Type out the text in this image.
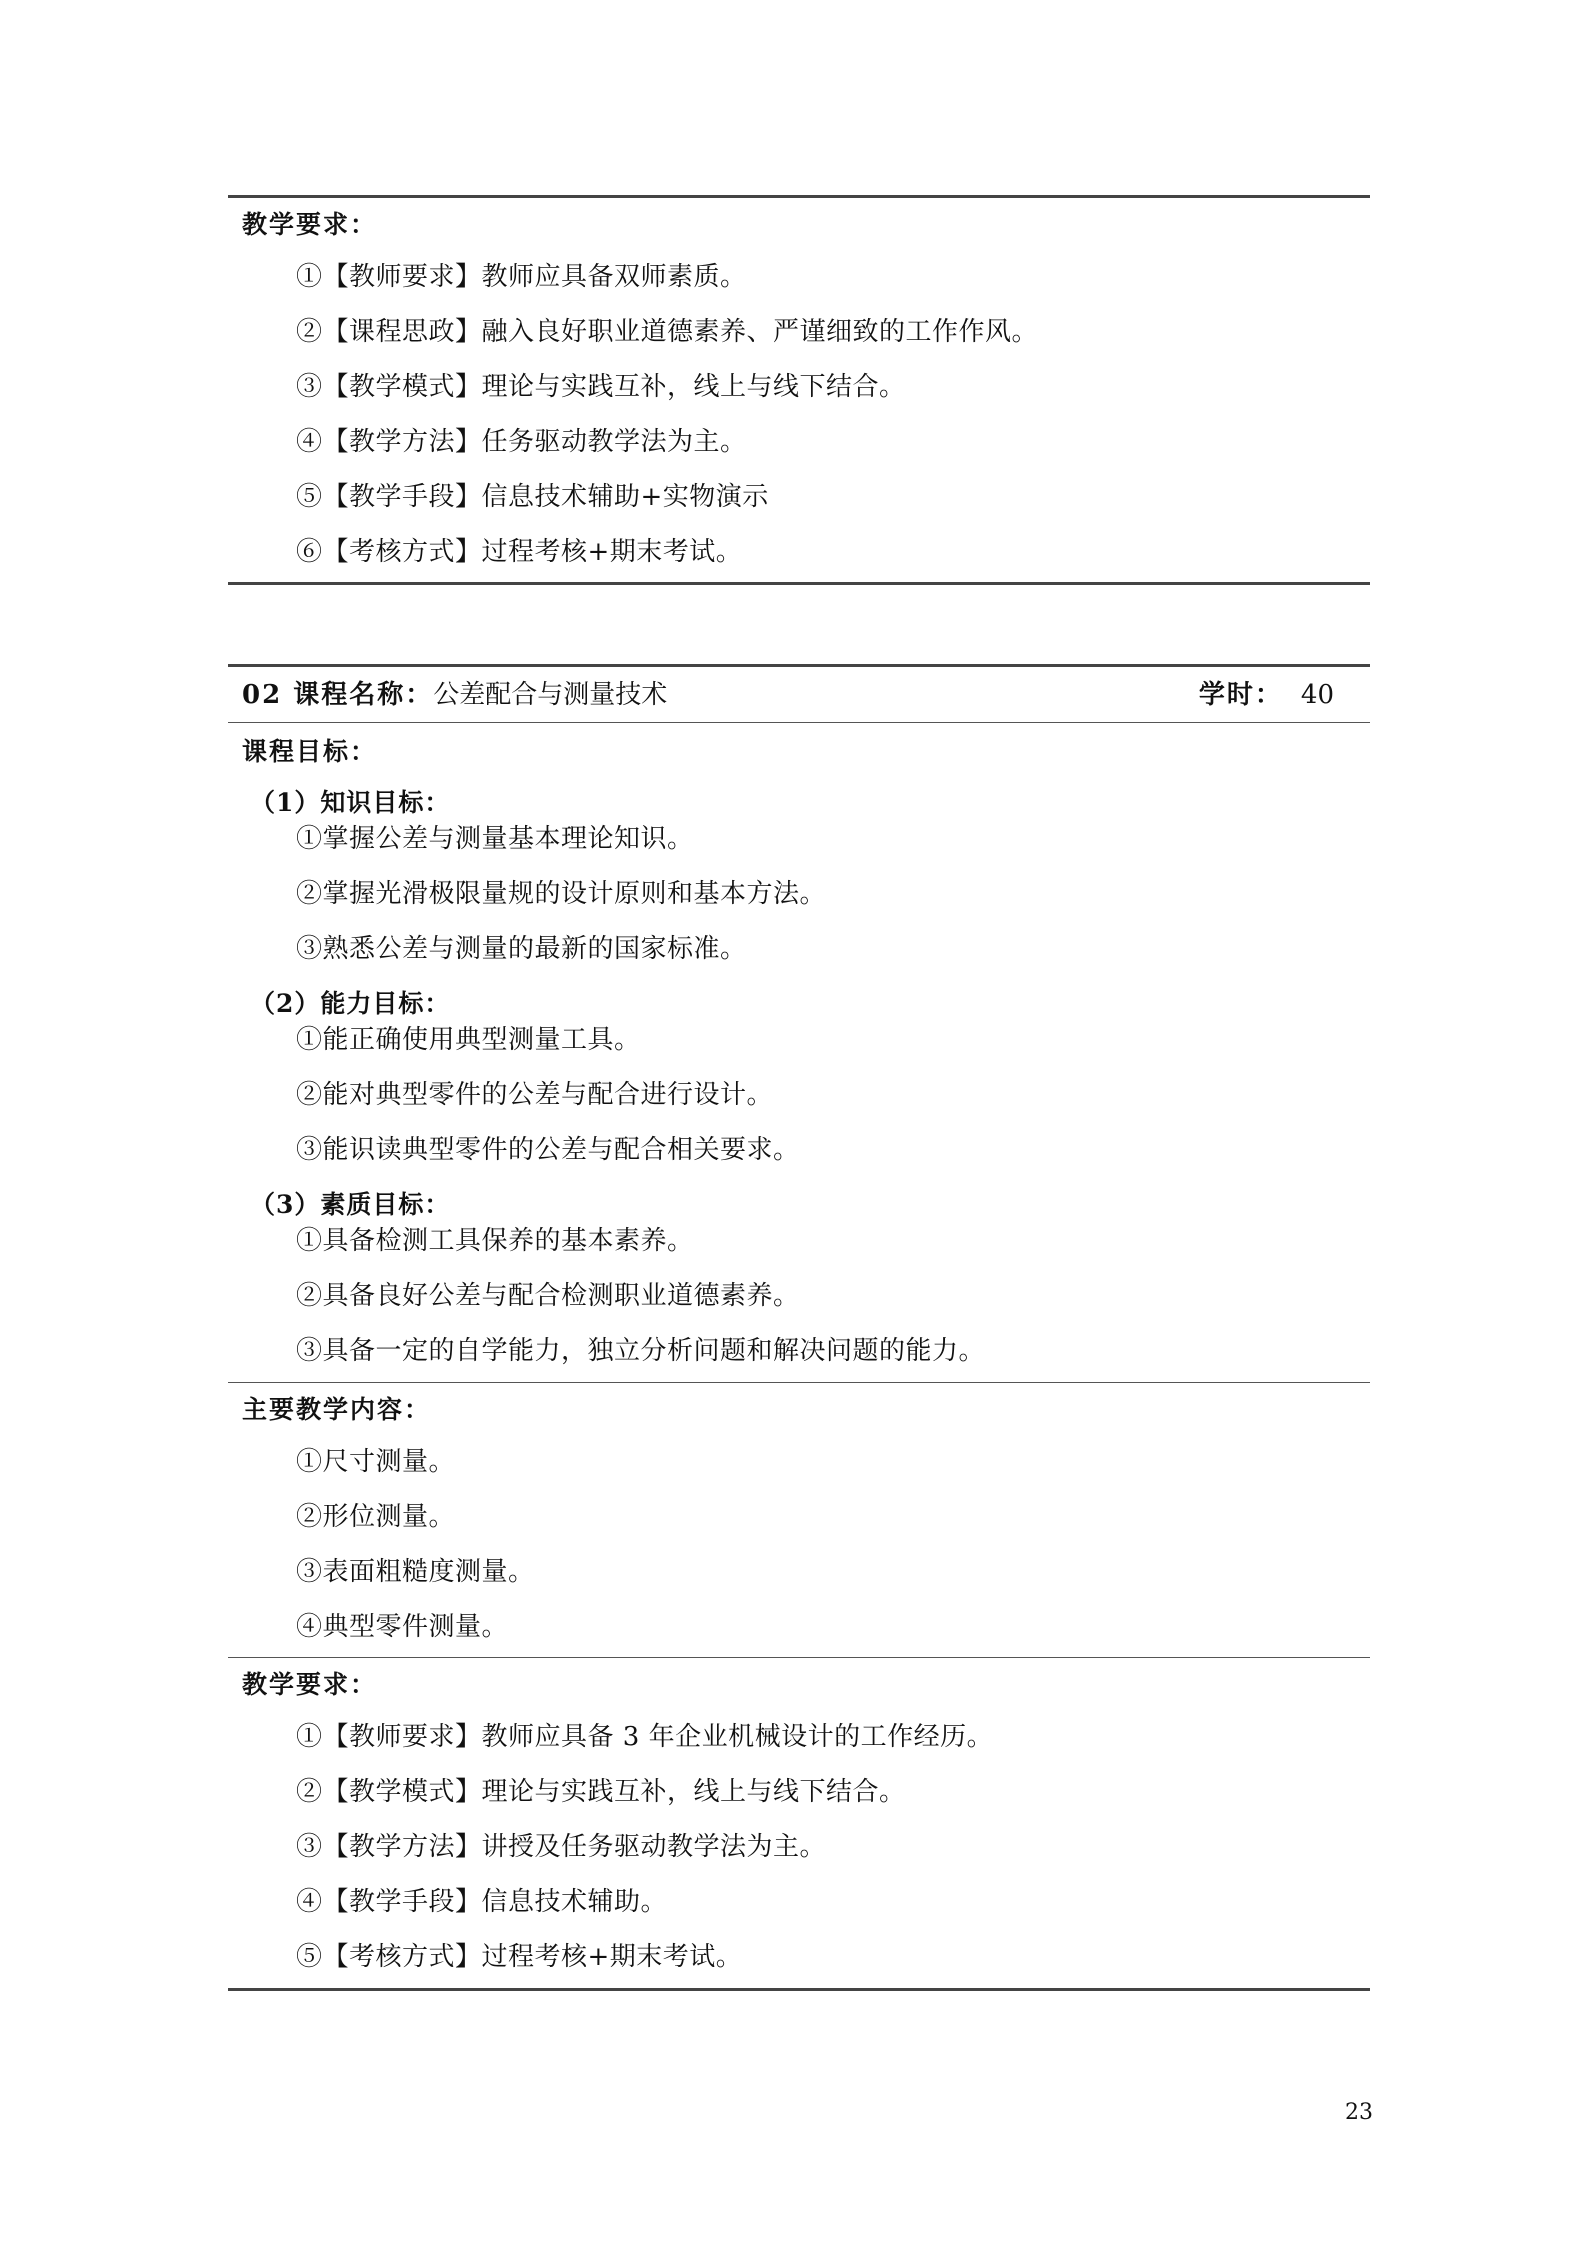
教学要求：
①【教师要求】教师应具备双师素质。
②【课程思政】融入良好职业道德素养、严谨细致的工作作风。
③【教学模式】理论与实践互补，线上与线下结合。
④【教学方法】任务驱动教学法为主。
⑤【教学手段】信息技术辅助+实物演示
⑥【考核方式】过程考核+期末考试。
02 课程名称：公差配合与测量技术	学时： 40
课程目标：
（1）知识目标：
①掌握公差与测量基本理论知识。
②掌握光滑极限量规的设计原则和基本方法。
③熟悉公差与测量的最新的国家标准。
（2）能力目标：
①能正确使用典型测量工具。
②能对典型零件的公差与配合进行设计。
③能识读典型零件的公差与配合相关要求。
（3）素质目标：
①具备检测工具保养的基本素养。
②具备良好公差与配合检测职业道德素养。
③具备一定的自学能力，独立分析问题和解决问题的能力。
主要教学内容：
①尺寸测量。
②形位测量。
③表面粗糙度测量。
④典型零件测量。
教学要求：
①【教师要求】教师应具备 3 年企业机械设计的工作经历。
②【教学模式】理论与实践互补，线上与线下结合。
③【教学方法】讲授及任务驱动教学法为主。
④【教学手段】信息技术辅助。
⑤【考核方式】过程考核+期末考试。
23
